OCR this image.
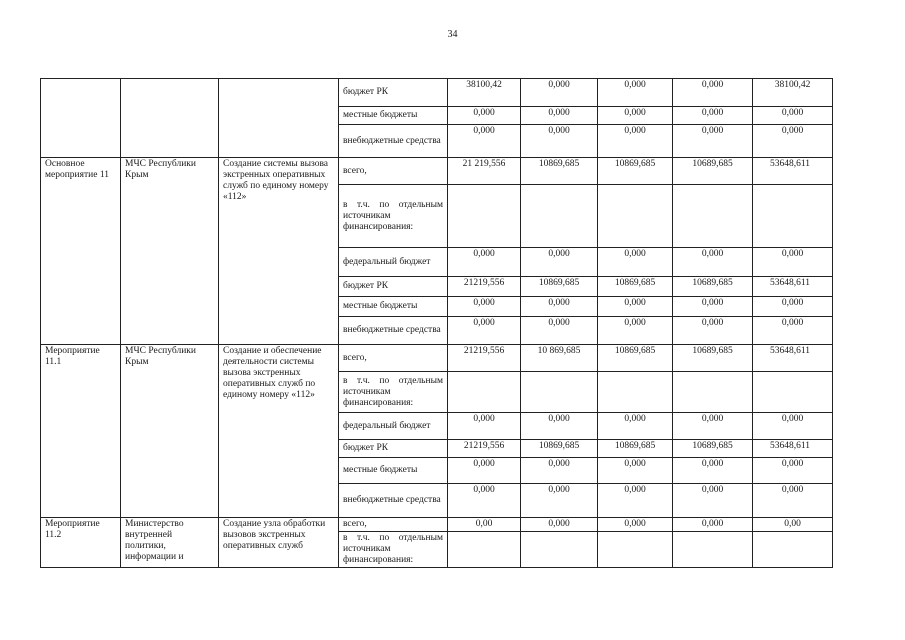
34
			бюджет РК	38100,42	0,000	0,000	0,000	38100,42
			местные бюджеты	0,000	0,000	0,000	0,000	0,000
			внебюджетные средства	0,000	0,000	0,000	0,000	0,000
Основное мероприятие 11	МЧС Республики Крым	Создание системы вызова экстренных оперативных служб по единому номеру «112»	всего,	21 219,556	10869,685	10869,685	10689,685	53648,611
			в т.ч. по отдельным источникам финансирования:					
			федеральный бюджет	0,000	0,000	0,000	0,000	0,000
			бюджет РК	21219,556	10869,685	10869,685	10689,685	53648,611
			местные бюджеты	0,000	0,000	0,000	0,000	0,000
			внебюджетные средства	0,000	0,000	0,000	0,000	0,000
Мероприятие 11.1	МЧС Республики Крым	Создание и обеспечение деятельности системы вызова экстренных оперативных служб по единому номеру «112»	всего,	21219,556	10 869,685	10869,685	10689,685	53648,611
			в т.ч. по отдельным источникам финансирования:					
			федеральный бюджет	0,000	0,000	0,000	0,000	0,000
			бюджет РК	21219,556	10869,685	10869,685	10689,685	53648,611
			местные бюджеты	0,000	0,000	0,000	0,000	0,000
			внебюджетные средства	0,000	0,000	0,000	0,000	0,000
Мероприятие 11.2	Министерство внутренней политики, информации и	Создание узла обработки вызовов экстренных оперативных служб	всего,	0,00	0,000	0,000	0,000	0,00
			в т.ч. по отдельным источникам финансирования:					
